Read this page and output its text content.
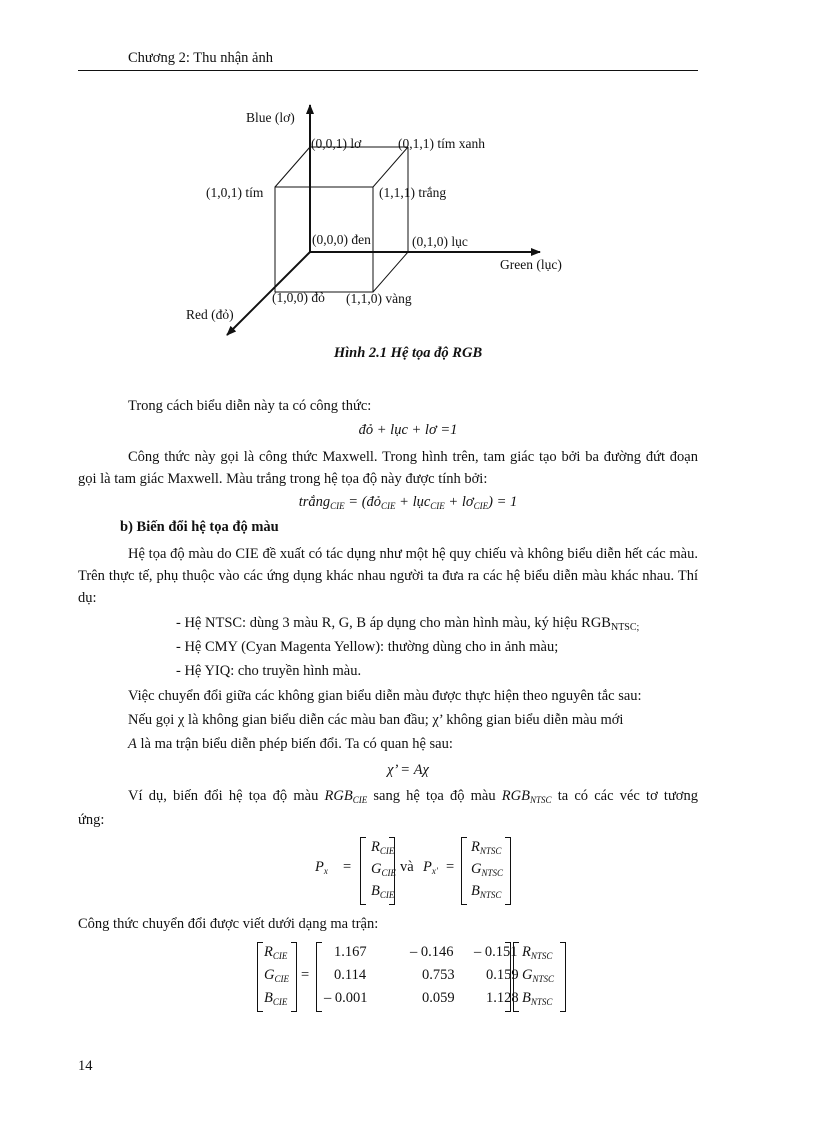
Chương 2: Thu nhận ảnh
Blue (lơ)
(0,0,1) lơ	(0,1,1) tím xanh
(1,0,1) tím	(1,1,1) trắng
(0,0,0) đen	(0,1,0) lục
Green (lục)
(1,0,0) đỏ (1,1,0) vàng
Red (đỏ)
Hình 2.1 Hệ tọa độ RGB
Trong cách biểu diễn này ta có công thức:
đỏ + lục + lơ =1
Công thức này gọi là công thức Maxwell. Trong hình trên, tam giác tạo bởi ba đường đứt đoạn gọi là tam giác Maxwell. Màu trắng trong hệ tọa độ này được tính bởi:
trắng$_{CIE}$ = (đỏ$_{CIE}$ + lục$_{CIE}$ + $lơ_{CIE}) = 1$
b) Biến đổi hệ tọa độ màu
Hệ tọa độ màu do CIE đề xuất có tác dụng như một hệ quy chiếu và không biểu diễn hết các màu. Trên thực tế, phụ thuộc vào các ứng dụng khác nhau người ta đưa ra các hệ biểu diễn màu khác nhau. Thí dụ:
- Hệ NTSC: dùng 3 màu R, G, B áp dụng cho màn hình màu, ký hiệu $RGB_{NTSC;}$
- Hệ CMY (Cyan Magenta Yellow): thường dùng cho in ảnh màu;
- Hệ YIQ: cho truyền hình màu.
Việc chuyển đổi giữa các không gian biểu diễn màu được thực hiện theo nguyên tắc sau:
Nếu gọi χ là không gian biểu diễn các màu ban đầu; χ’ không gian biểu diễn màu mới
A là ma trận biểu diễn phép biến đổi. Ta có quan hệ sau:
χ’ = Aχ
Ví dụ, biến đổi hệ tọa độ màu $RGB_{CIE}$ sang hệ tọa độ màu $RGB_{NTSC}$ ta có các véc tơ tương
ứng:
$P_x$ =
$R_{CIE}$
$G_{CIE}$
$B_{CIE}$
và $P_{x'}$ =
$R_{NTSC}$
$G_{NTSC}$
$B_{NTSC}$
Công thức chuyển đổi được viết dưới dạng ma trận:
$R_{CIE}$
$G_{CIE}$
$B_{CIE}$
=
1.167	– 0.146 – 0.151
0.114	0.753 0.159
– 0.001	0.059 1.128
$R_{NTSC}$
$G_{NTSC}$
$B_{NTSC}$
14
